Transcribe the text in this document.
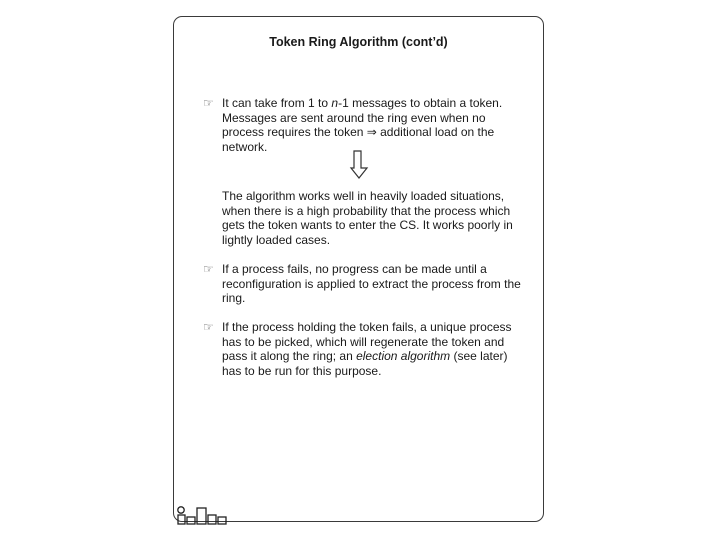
Token Ring Algorithm (cont’d)
☞ It can take from 1 to n-1 messages to obtain a token. Messages are sent around the ring even when no process requires the token ⇒ additional load on the network.

The algorithm works well in heavily loaded situations, when there is a high probability that the process which gets the token wants to enter the CS. It works poorly in lightly loaded cases.

☞ If a process fails, no progress can be made until a reconfiguration is applied to extract the process from the ring.

☞ If the process holding the token fails, a unique process has to be picked, which will regenerate the token and pass it along the ring; an election algorithm (see later) has to be run for this purpose.
